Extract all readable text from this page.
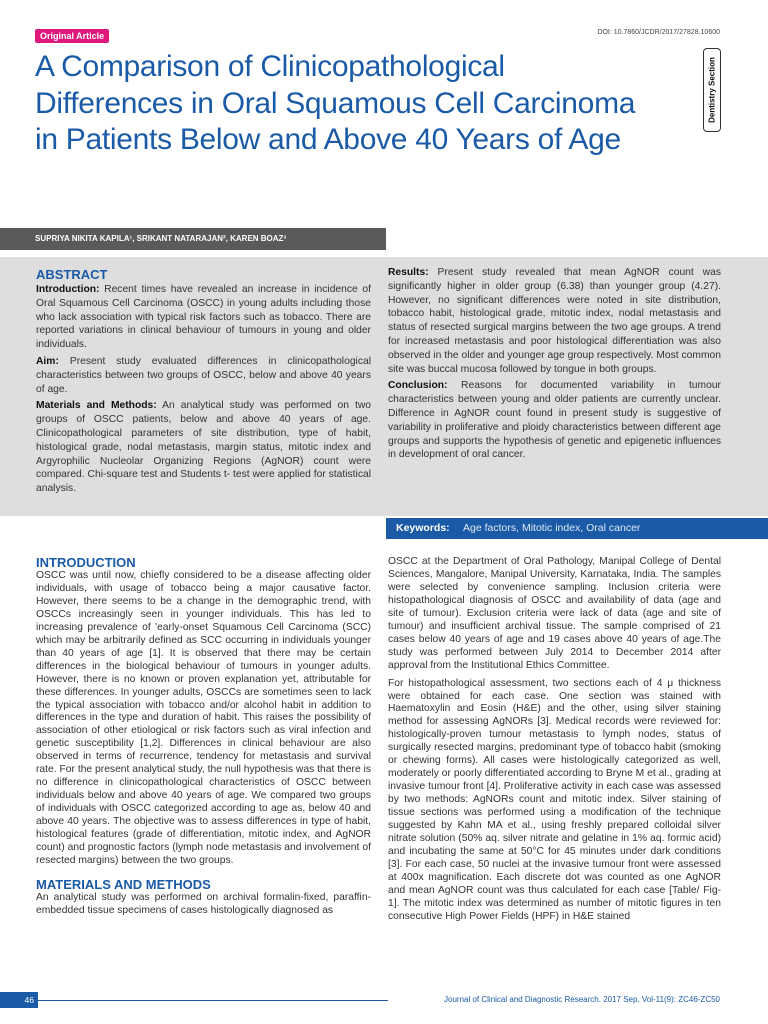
Original Article	DOI: 10.7860/JCDR/2017/27828.10600
A Comparison of Clinicopathological Differences in Oral Squamous Cell Carcinoma in Patients Below and Above 40 Years of Age
Dentistry Section
SUPRIYA NIKITA KAPILA¹, SRIKANT NATARAJAN², KAREN BOAZ³
ABSTRACT

Introduction: Recent times have revealed an increase in incidence of Oral Squamous Cell Carcinoma (OSCC) in young adults including those who lack association with typical risk factors such as tobacco. There are reported variations in clinical behaviour of tumours in young and older individuals.

Aim: Present study evaluated differences in clinicopathological characteristics between two groups of OSCC, below and above 40 years of age.

Materials and Methods: An analytical study was performed on two groups of OSCC patients, below and above 40 years of age. Clinicopathological parameters of site distribution, type of habit, histological grade, nodal metastasis, margin status, mitotic index and Argyrophilic Nucleolar Organizing Regions (AgNOR) count were compared. Chi-square test and Students t- test were applied for statistical analysis.

Results: Present study revealed that mean AgNOR count was significantly higher in older group (6.38) than younger group (4.27). However, no significant differences were noted in site distribution, tobacco habit, histological grade, mitotic index, nodal metastasis and status of resected surgical margins between the two age groups. A trend for increased metastasis and poor histological differentiation was also observed in the older and younger age group respectively. Most common site was buccal mucosa followed by tongue in both groups.

Conclusion: Reasons for documented variability in tumour characteristics between young and older patients are currently unclear. Difference in AgNOR count found in present study is suggestive of variability in proliferative and ploidy characteristics between different age groups and supports the hypothesis of genetic and epigenetic influences in development of oral cancer.

Keywords: Age factors, Mitotic index, Oral cancer
INTRODUCTION

OSCC was until now, chiefly considered to be a disease affecting older individuals, with usage of tobacco being a major causative factor. However, there seems to be a change in the demographic trend, with OSCCs increasingly seen in younger individuals. This has led to increasing prevalence of 'early-onset Squamous Cell Carcinoma (SCC) which may be arbitrarily defined as SCC occurring in individuals younger than 40 years of age [1]. It is observed that there may be certain differences in the biological behaviour of tumours in younger adults. However, there is no known or proven explanation yet, attributable for these differences. In younger adults, OSCCs are sometimes seen to lack the typical association with tobacco and/or alcohol habit in addition to differences in the type and duration of habit. This raises the possibility of association of other etiological or risk factors such as viral infection and genetic susceptibility [1,2]. Differences in clinical behaviour are also observed in terms of recurrence, tendency for metastasis and survival rate. For the present analytical study, the null hypothesis was that there is no difference in clinicopathological characteristics of OSCC between individuals below and above 40 years of age. We compared two groups of individuals with OSCC categorized according to age as, below 40 and above 40 years. The objective was to assess differences in type of habit, histological features (grade of differentiation, mitotic index, and AgNOR count) and prognostic factors (lymph node metastasis and involvement of resected margins) between the two groups.

MATERIALS AND METHODS

An analytical study was performed on archival formalin-fixed, paraffin-embedded tissue specimens of cases histologically diagnosed as

OSCC at the Department of Oral Pathology, Manipal College of Dental Sciences, Mangalore, Manipal University, Karnataka, India. The samples were selected by convenience sampling. Inclusion criteria were histopathological diagnosis of OSCC and availability of data (age and site of tumour). Exclusion criteria were lack of data (age and site of tumour) and insufficient archival tissue. The sample comprised of 21 cases below 40 years of age and 19 cases above 40 years of age.The study was performed between July 2014 to December 2014 after approval from the Institutional Ethics Committee.

For histopathological assessment, two sections each of 4 μ thickness were obtained for each case. One section was stained with Haematoxylin and Eosin (H&E) and the other, using silver staining method for assessing AgNORs [3]. Medical records were reviewed for: histologically-proven tumour metastasis to lymph nodes, status of surgically resected margins, predominant type of tobacco habit (smoking or chewing forms). All cases were histologically categorized as well, moderately or poorly differentiated according to Bryne M et al., grading at invasive tumour front [4]. Proliferative activity in each case was assessed by two methods: AgNORs count and mitotic index. Silver staining of tissue sections was performed using a modification of the technique suggested by Kahn MA et al., using freshly prepared colloidal silver nitrate solution (50% aq. silver nitrate and gelatine in 1% aq. formic acid) and incubating the same at 50°C for 45 minutes under dark conditions [3]. For each case, 50 nuclei at the invasive tumour front were assessed at 400x magnification. Each discrete dot was counted as one AgNOR and mean AgNOR count was thus calculated for each case [Table/ Fig-1]. The mitotic index was determined as number of mitotic figures in ten consecutive High Power Fields (HPF) in H&E stained

46	Journal of Clinical and Diagnostic Research. 2017 Sep, Vol-11(9): ZC46-ZC50
